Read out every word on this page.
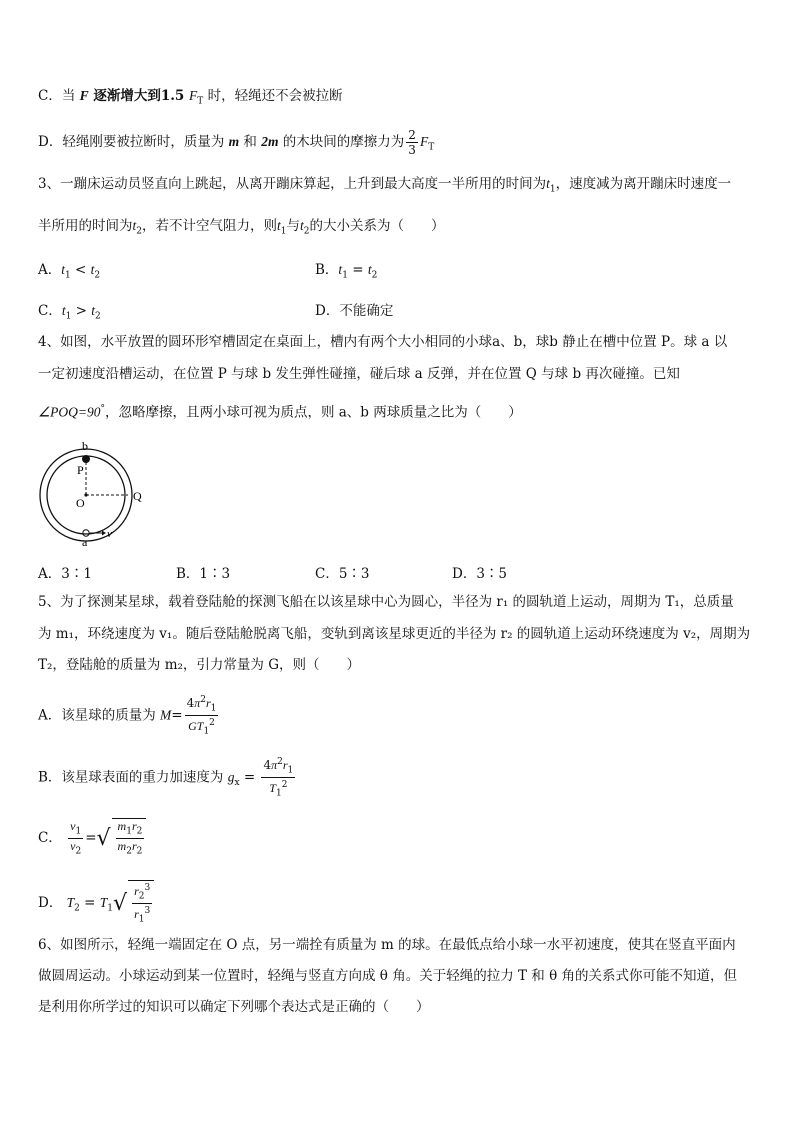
C．当 F 逐渐增大到1.5 $F_T$ 时，轻绳还不会被拉断
D．轻绳刚要被拉断时，质量为 m 和 2m 的木块间的摩擦力为 $\frac{2}{3} F_T$
3、一蹦床运动员竖直向上跳起，从离开蹦床算起，上升到最大高度一半所用的时间为$t_1$，速度减为离开蹦床时速度一
半所用的时间为$t_2$，若不计空气阻力，则$t_1$与$t_2$的大小关系为（　　）
A．$t_1 < t_2$	B．$t_1 = t_2$
C．$t_1 > t_2$	D．不能确定
4、如图，水平放置的圆环形窄槽固定在桌面上，槽内有两个大小相同的小球a、b，球b 静止在槽中位置 P。球 a 以
一定初速度沿槽运动，在位置 P 与球 b 发生弹性碰撞，碰后球 a 反弹，并在位置 Q 与球 b 再次碰撞。已知
∠POQ=90°，忽略摩擦，且两小球可视为质点，则 a、b 两球质量之比为（　　）
b
P
O	Q
a
v
A．3∶1	B．1∶3	C．5∶3	D．3∶5
5、为了探测某星球，载着登陆舱的探测飞船在以该星球中心为圆心，半径为 r₁ 的圆轨道上运动，周期为 T₁，总质量
为 m₁，环绕速度为 v₁。随后登陆舱脱离飞船，变轨到离该星球更近的半径为 r₂ 的圆轨道上运动环绕速度为 v₂，周期为
T₂，登陆舱的质量为 m₂，引力常量为 G，则（　　）
A．该星球的质量为 $M= \frac{4\pi^2r_1}{GT_1^2}$
B．该星球表面的重力加速度为 $g_x = \frac{4\pi^2r_1}{T_1^2}$
C． $\frac{v_1}{v_2}$ =√ $\frac{m_1r_2}{m_2r_2}$
D． $T_2 = T_1√ \frac{r_2^3}{r_1^3}$
6、如图所示，轻绳一端固定在 O 点，另一端拴有质量为 m 的球。在最低点给小球一水平初速度，使其在竖直平面内
做圆周运动。小球运动到某一位置时，轻绳与竖直方向成 θ 角。关于轻绳的拉力 T 和 θ 角的关系式你可能不知道，但
是利用你所学过的知识可以确定下列哪个表达式是正确的（　　）
